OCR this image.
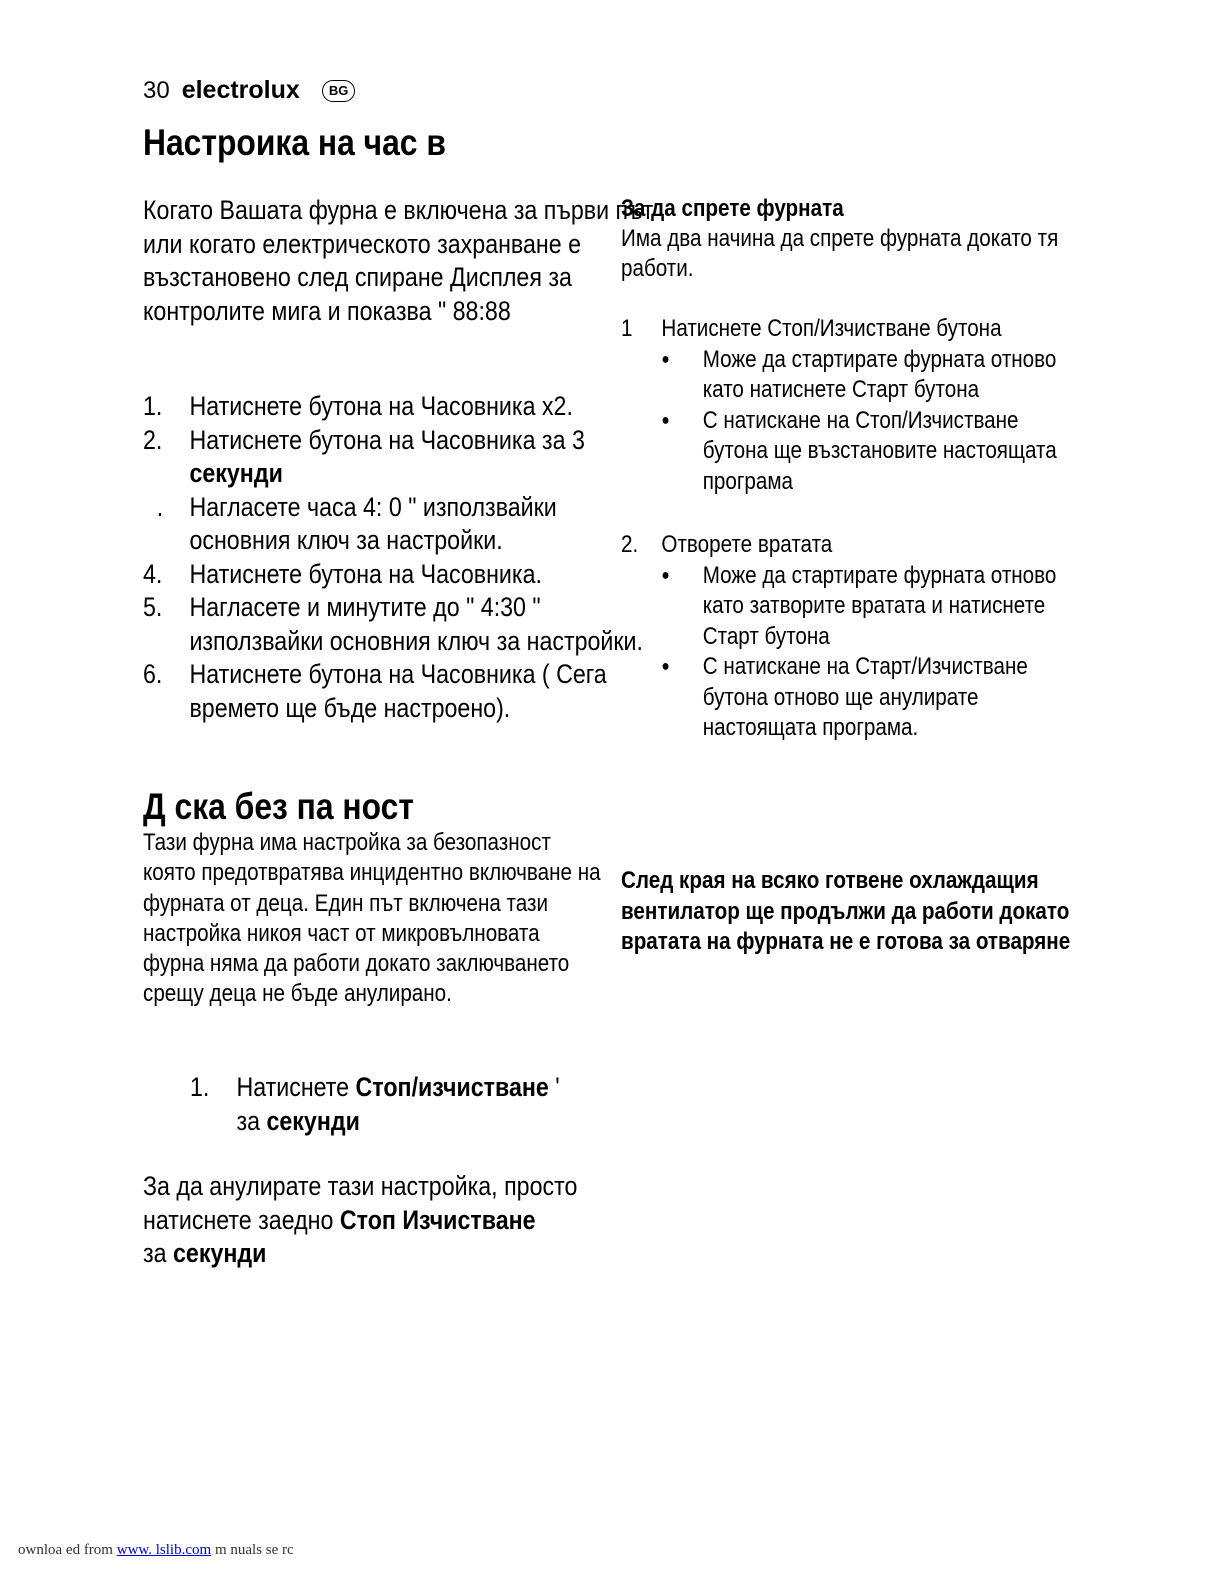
30 electrolux	BG
Настроика на час в

Когато Вашата фурна е включена за първи път или когато електрическото захранване е възстановено след спиране Дисплея за контролите мига и показва " 88:88

1.	Натиснете бутона на Часовника х2.
2.	Натиснете бутона на Часовника за 3 секунди
. Нагласете часа 4: 0 " използвайки основния ключ за настройки.
4.	Натиснете бутона на Часовника.
5.	Нагласете и минутите до " 4:30 " използвайки основния ключ за настройки.
6.	Натиснете бутона на Часовника ( Сега времето ще бъде настроено).
Д ска без па ност

Тази фурна има настройка за безопазност която предотвратява инцидентно включване на фурната от деца. Един път включена тази настройка никоя част от микровълновата фурна няма да работи докато заключването срещу деца не бъде анулирано.

1.	Натиснете Стоп/изчистване '
за секунди
За да анулирате тази настройка, просто
натиснете заедно Стоп Изчистване
за секунди
За да спрете фурната
Има два начина да спрете фурната докато тя работи.
1	Натиснете Стоп/Изчистване бутона
●	Може да стартирате фурната отново като натиснете Старт бутона
●	С натискане на Стоп/Изчистване бутона ще възстановите настоящата програма
2. Отворете вратата
●	Може да стартирате фурната отново като затворите вратата и натиснете Старт бутона
●	С натискане на Старт/Изчистване бутона отново ще анулирате настоящата програма.
След края на всяко готвене охлаждащия вентилатор ще продължи да работи докато вратата на фурната не е готова за отваряне
ownloa ed from www. lslib.com m nuals se rc
